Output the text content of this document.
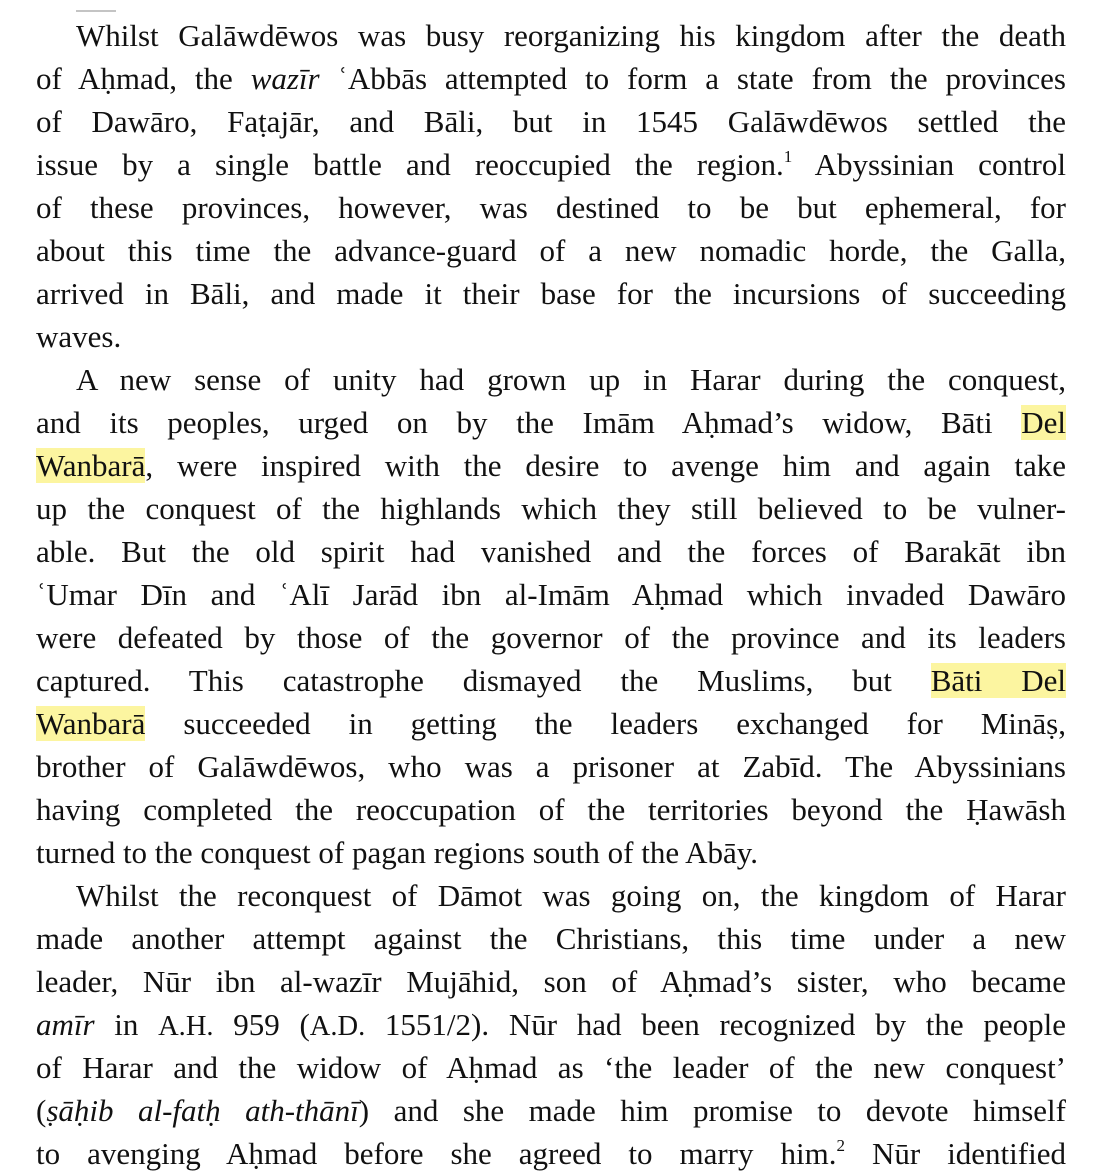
Whilst Galāwdēwos was busy reorganizing his kingdom after the death
of Aḥmad, the wazīr ʿAbbās attempted to form a state from the provinces
of Dawāro, Faṭajār, and Bāli, but in 1545 Galāwdēwos settled the
issue by a single battle and reoccupied the region.$^1$ Abyssinian control
of these provinces, however, was destined to be but ephemeral, for
about this time the advance-guard of a new nomadic horde, the Galla,
arrived in Bāli, and made it their base for the incursions of succeeding
waves.
A new sense of unity had grown up in Harar during the conquest,
and its peoples, urged on by the Imām Aḥmad’s widow, Bāti Del
Wanbarā, were inspired with the desire to avenge him and again take
up the conquest of the highlands which they still believed to be vulner-
able. But the old spirit had vanished and the forces of Barakāt ibn
ʿUmar Dīn and ʿAlī Jarād ibn al-Imām Aḥmad which invaded Dawāro
were defeated by those of the governor of the province and its leaders
captured. This catastrophe dismayed the Muslims, but Bāti Del
Wanbarā succeeded in getting the leaders exchanged for Mināṣ,
brother of Galāwdēwos, who was a prisoner at Zabīd. The Abyssinians
having completed the reoccupation of the territories beyond the Ḥawāsh
turned to the conquest of pagan regions south of the Abāy.
Whilst the reconquest of Dāmot was going on, the kingdom of Harar
made another attempt against the Christians, this time under a new
leader, Nūr ibn al-wazīr Mujāhid, son of Aḥmad’s sister, who became
amīr in A.H. 959 (A.D. 1551/2). Nūr had been recognized by the people
of Harar and the widow of Aḥmad as ‘the leader of the new conquest’
(ṣāḥib al-fatḥ ath-thānī) and she made him promise to devote himself
to avenging Aḥmad before she agreed to marry him.$^2$ Nūr identified
